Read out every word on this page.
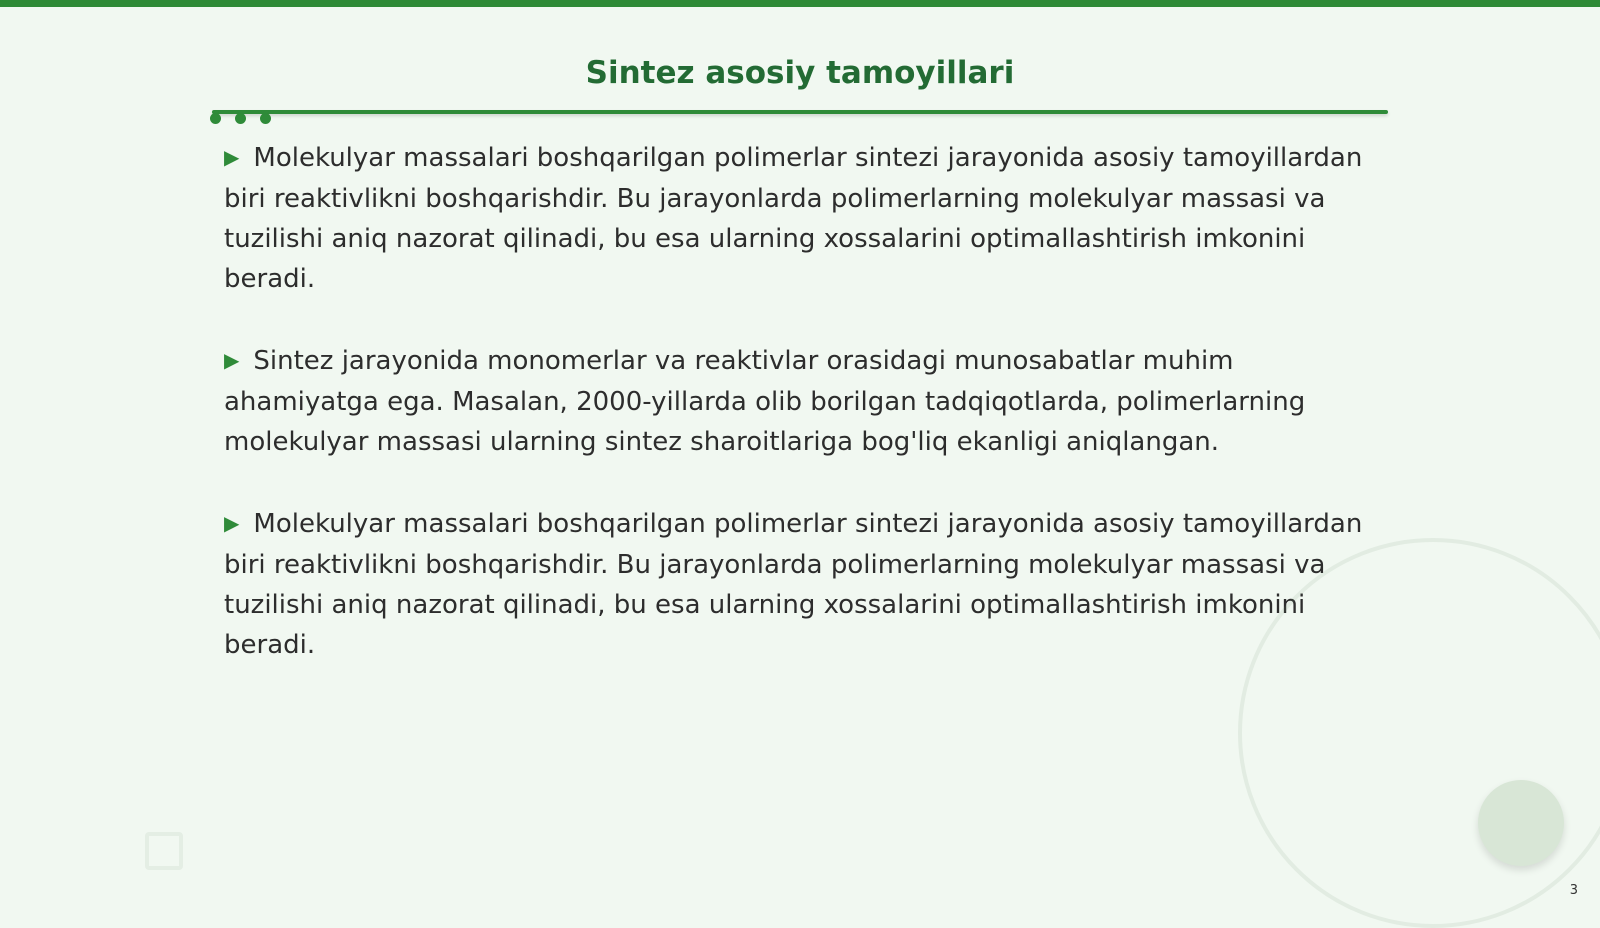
Sintez asosiy tamoyillari

▶ Molekulyar massalari boshqarilgan polimerlar sintezi jarayonida asosiy tamoyillardan biri reaktivlikni boshqarishdir. Bu jarayonlarda polimerlarning molekulyar massasi va tuzilishi aniq nazorat qilinadi, bu esa ularning xossalarini optimallashtirish imkonini beradi.

▶ Sintez jarayonida monomerlar va reaktivlar orasidagi munosabatlar muhim ahamiyatga ega. Masalan, 2000-yillarda olib borilgan tadqiqotlarda, polimerlarning molekulyar massasi ularning sintez sharoitlariga bog'liq ekanligi aniqlangan.

▶ Molekulyar massalari boshqarilgan polimerlar sintezi jarayonida asosiy tamoyillardan biri reaktivlikni boshqarishdir. Bu jarayonlarda polimerlarning molekulyar massasi va tuzilishi aniq nazorat qilinadi, bu esa ularning xossalarini optimallashtirish imkonini beradi.

3
